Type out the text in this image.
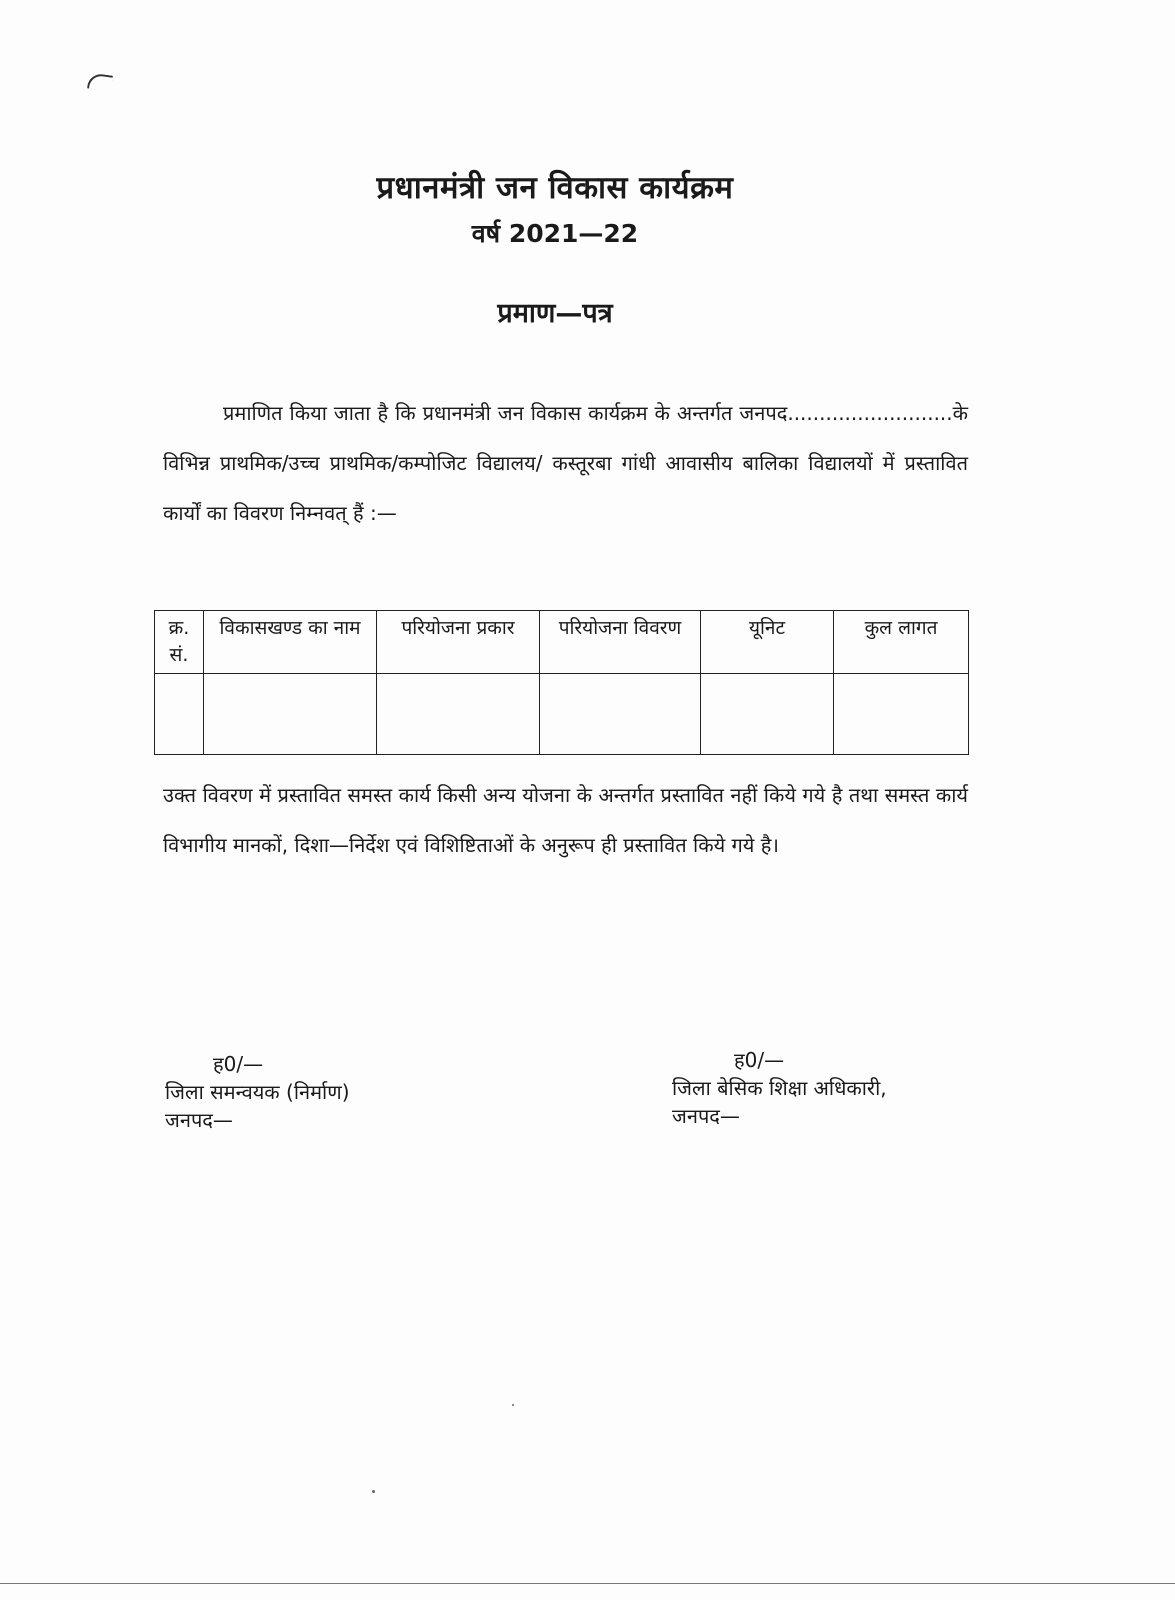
प्रधानमंत्री जन विकास कार्यक्रम
वर्ष 2021—22
प्रमाण—पत्र
प्रमाणित किया जाता है कि प्रधानमंत्री जन विकास कार्यक्रम के अन्तर्गत जनपद..........................के विभिन्न प्राथमिक/उच्च प्राथमिक/कम्पोजिट विद्यालय/ कस्तूरबा गांधी आवासीय बालिका विद्यालयों में प्रस्तावित कार्यों का विवरण निम्नवत् हैं :—
क्र. सं.	विकासखण्ड का नाम	परियोजना प्रकार	परियोजना विवरण	यूनिट	कुल लागत

उक्त विवरण में प्रस्तावित समस्त कार्य किसी अन्य योजना के अन्तर्गत प्रस्तावित नहीं किये गये है तथा समस्त कार्य विभागीय मानकों, दिशा—निर्देश एवं विशिष्टिताओं के अनुरूप ही प्रस्तावित किये गये है।
ह0/—
जिला समन्वयक (निर्माण)
जनपद—
ह0/—
जिला बेसिक शिक्षा अधिकारी,
जनपद—
